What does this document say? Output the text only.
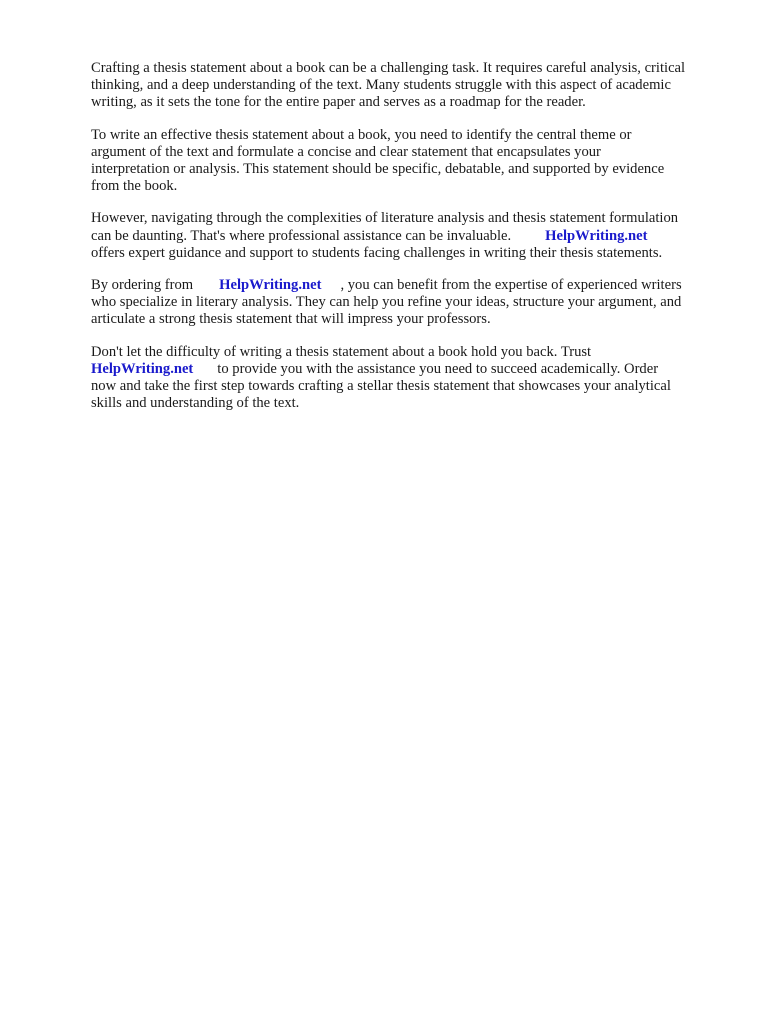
Crafting a thesis statement about a book can be a challenging task. It requires careful analysis, critical
thinking, and a deep understanding of the text. Many students struggle with this aspect of academic
writing, as it sets the tone for the entire paper and serves as a roadmap for the reader.

To write an effective thesis statement about a book, you need to identify the central theme or
argument of the text and formulate a concise and clear statement that encapsulates your
interpretation or analysis. This statement should be specific, debatable, and supported by evidence
from the book.

However, navigating through the complexities of literature analysis and thesis statement formulation
can be daunting. That's where professional assistance can be invaluable. HelpWriting.net
offers expert guidance and support to students facing challenges in writing their thesis statements.

By ordering from HelpWriting.net , you can benefit from the expertise of experienced writers
who specialize in literary analysis. They can help you refine your ideas, structure your argument, and
articulate a strong thesis statement that will impress your professors.

Don't let the difficulty of writing a thesis statement about a book hold you back. Trust
HelpWriting.net to provide you with the assistance you need to succeed academically. Order
now and take the first step towards crafting a stellar thesis statement that showcases your analytical
skills and understanding of the text.
